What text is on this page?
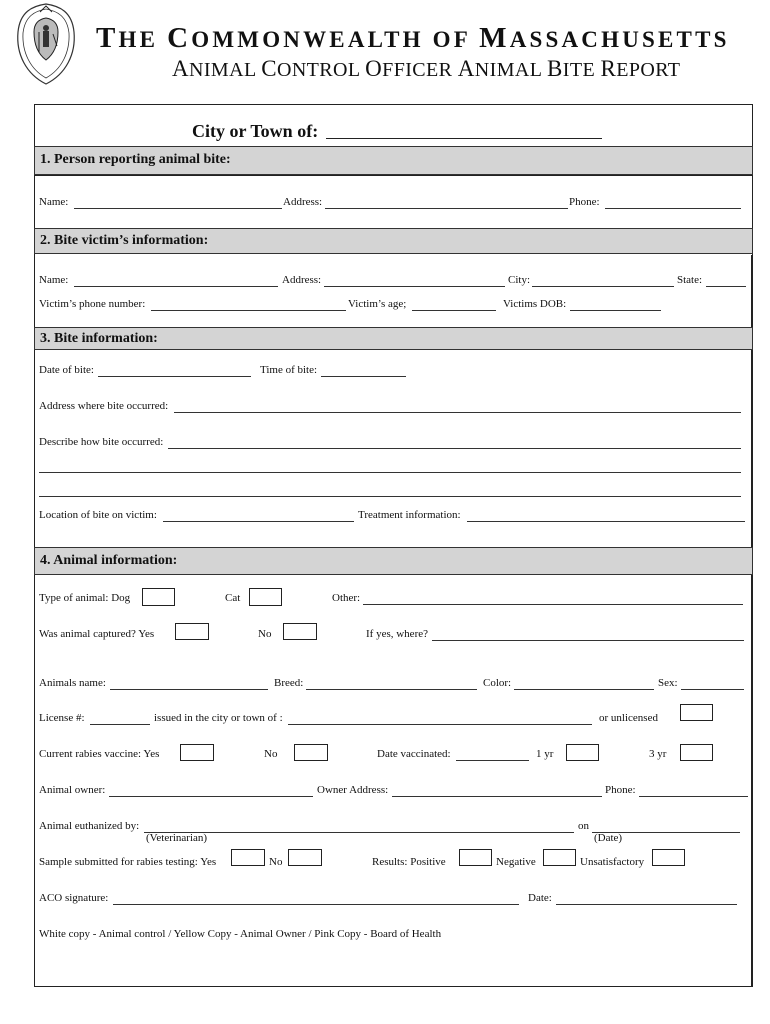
THE COMMONWEALTH OF MASSACHUSETTS
ANIMAL CONTROL OFFICER ANIMAL BITE REPORT
City or Town of:
1. Person reporting animal bite:
Name:	Address:	Phone:
2. Bite victim’s information:
Name:	Address:	City:	State:
Victim’s phone number:	Victim’s age;	Victims DOB:
3. Bite information:
Date of bite:	Time of bite:
Address where bite occurred:
Describe how bite occurred:
Location of bite on victim:	Treatment information:
4. Animal information:
Type of animal: Dog	Cat	Other:
Was animal captured? Yes	No	If yes, where?
Animals name:	Breed:	Color:	Sex:
License #:	issued in the city or town of :	or unlicensed
Current rabies vaccine: Yes	No	Date vaccinated:	1 yr	3 yr
Animal owner:	Owner Address:	Phone:
Animal euthanized by:	on
(Veterinarian)	(Date)
Sample submitted for rabies testing: Yes	No	Results: Positive	Negative	Unsatisfactory
ACO signature:	Date:
White copy - Animal control / Yellow Copy - Animal Owner / Pink Copy - Board of Health
